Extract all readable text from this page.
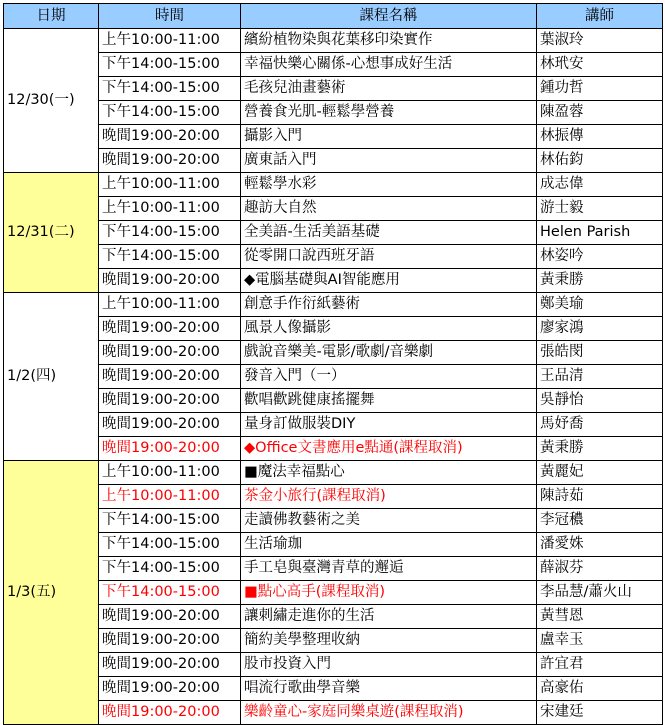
日期	時間	課程名稱	講師
12/30(一)	上午10:00-11:00	繽紛植物染與花葉移印染實作	葉淑玲
	下午14:00-15:00	幸福快樂心關係-心想事成好生活	林玳安
	下午14:00-15:00	毛孩兒油畫藝術	鍾功哲
	下午14:00-15:00	營養食光肌-輕鬆學營養	陳盈蓉
	晚間19:00-20:00	攝影入門	林振傳
	晚間19:00-20:00	廣東話入門	林佑鈞
12/31(二)	上午10:00-11:00	輕鬆學水彩	成志偉
	上午10:00-11:00	趣訪大自然	游士毅
	下午14:00-15:00	全美語-生活美語基礎	Helen Parish
	下午14:00-15:00	從零開口說西班牙語	林姿吟
	晚間19:00-20:00	◆電腦基礎與AI智能應用	黃秉勝
1/2(四)	上午10:00-11:00	創意手作衍紙藝術	鄭美瑜
	晚間19:00-20:00	風景人像攝影	廖家鴻
	晚間19:00-20:00	戲說音樂美-電影/歌劇/音樂劇	張皓閔
	晚間19:00-20:00	發音入門（一）	王品清
	晚間19:00-20:00	歡唱歡跳健康搖擺舞	吳靜怡
	晚間19:00-20:00	量身訂做服裝DIY	馬妤喬
	晚間19:00-20:00	◆Office文書應用e點通(課程取消)	黃秉勝
1/3(五)	上午10:00-11:00	■魔法幸福點心	黃麗妃
	上午10:00-11:00	茶金小旅行(課程取消)	陳詩茹
	下午14:00-15:00	走讀佛教藝術之美	李冠穠
	下午14:00-15:00	生活瑜珈	潘愛姝
	下午14:00-15:00	手工皂與臺灣青草的邂逅	薛淑芬
	下午14:00-15:00	■點心高手(課程取消)	李品慧/蕭火山
	晚間19:00-20:00	讓刺繡走進你的生活	黃彗恩
	晚間19:00-20:00	簡約美學整理收納	盧幸玉
	晚間19:00-20:00	股市投資入門	許宜君
	晚間19:00-20:00	唱流行歌曲學音樂	高豪佑
	晚間19:00-20:00	樂齡童心-家庭同樂桌遊(課程取消)	宋建廷
